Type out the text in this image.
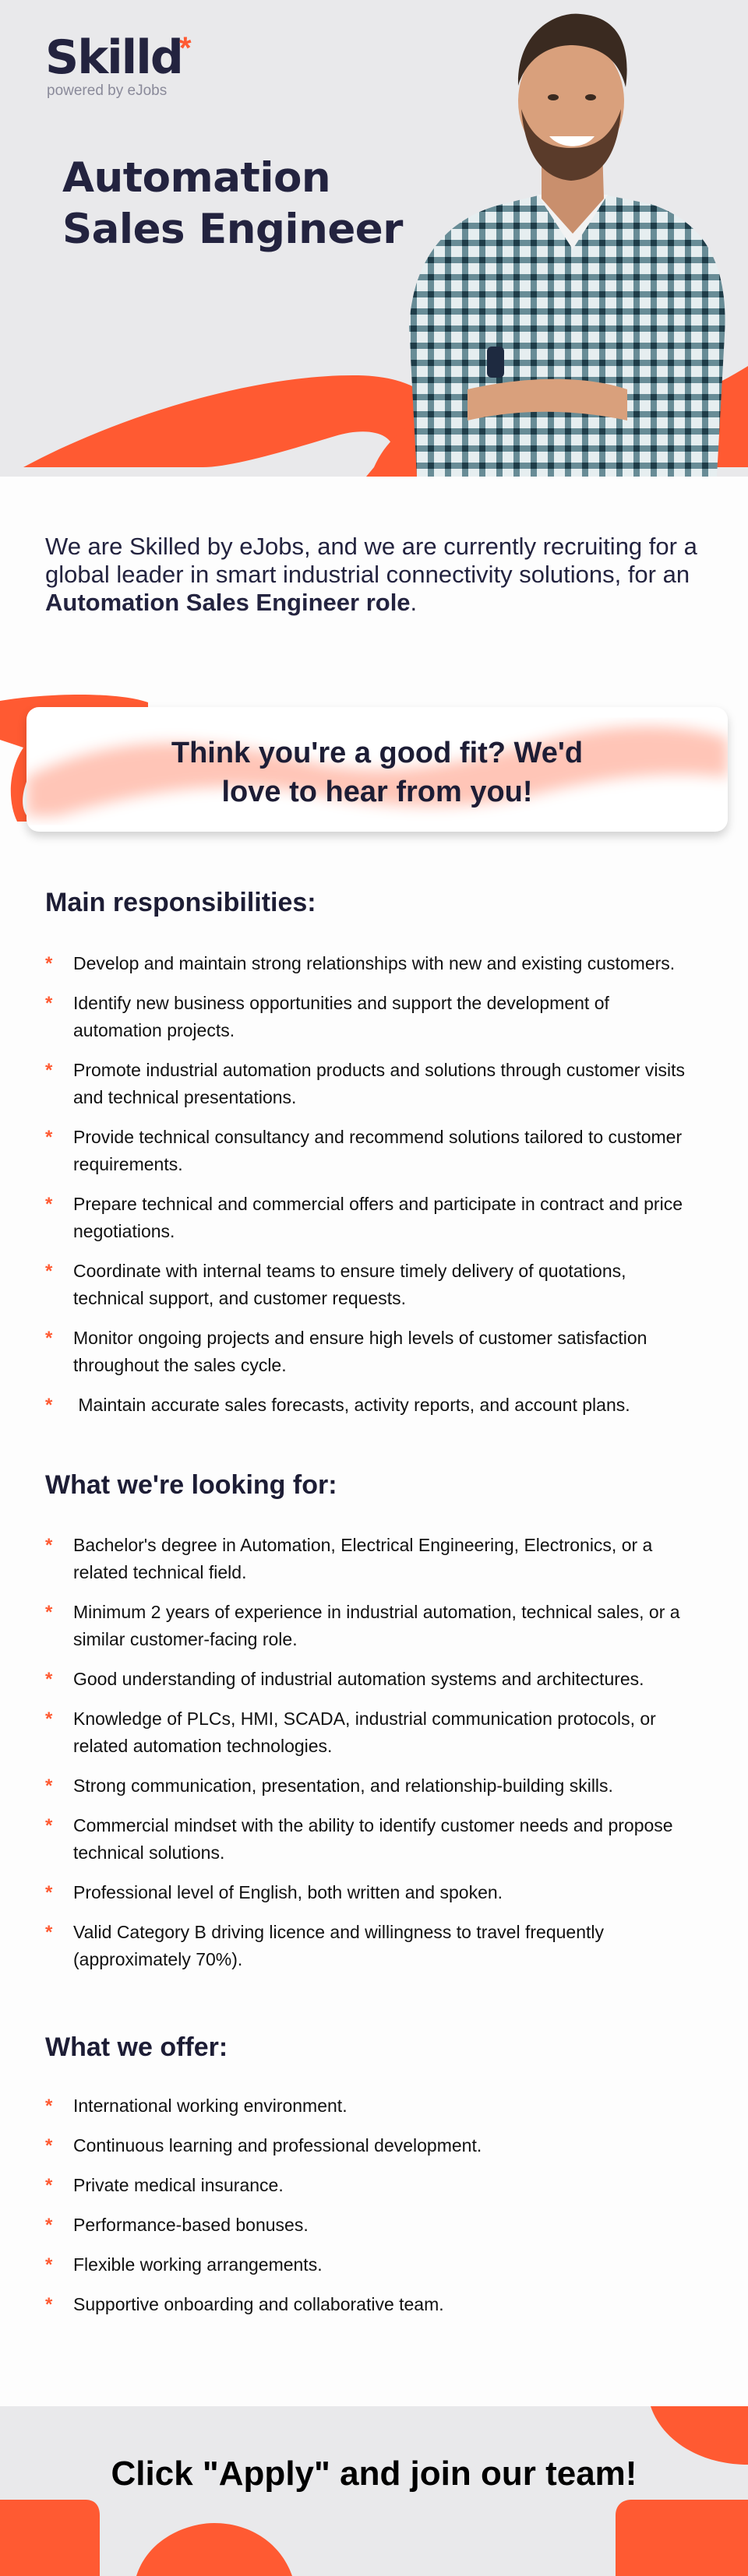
Skilld
*
powered by eJobs
Automation
Sales Engineer

We are Skilled by eJobs, and we are currently recruiting for a global leader in smart industrial connectivity solutions, for an Automation Sales Engineer role.

Think you're a good fit? We'd
love to hear from you!
Main responsibilities:
* Develop and maintain strong relationships with new and existing customers.
* Identify new business opportunities and support the development of automation projects.
* Promote industrial automation products and solutions through customer visits and technical presentations.
* Provide technical consultancy and recommend solutions tailored to customer requirements.
* Prepare technical and commercial offers and participate in contract and price negotiations.
* Coordinate with internal teams to ensure timely delivery of quotations, technical support, and customer requests.
* Monitor ongoing projects and ensure high levels of customer satisfaction throughout the sales cycle.
* Maintain accurate sales forecasts, activity reports, and account plans.
What we're looking for:
* Bachelor's degree in Automation, Electrical Engineering, Electronics, or a related technical field.
* Minimum 2 years of experience in industrial automation, technical sales, or a similar customer-facing role.
* Good understanding of industrial automation systems and architectures.
* Knowledge of PLCs, HMI, SCADA, industrial communication protocols, or related automation technologies.
* Strong communication, presentation, and relationship-building skills.
* Commercial mindset with the ability to identify customer needs and propose technical solutions.
* Professional level of English, both written and spoken.
* Valid Category B driving licence and willingness to travel frequently (approximately 70%).
What we offer:
* International working environment.
* Continuous learning and professional development.
* Private medical insurance.
* Performance-based bonuses.
* Flexible working arrangements.
* Supportive onboarding and collaborative team.
Click "Apply" and join our team!
